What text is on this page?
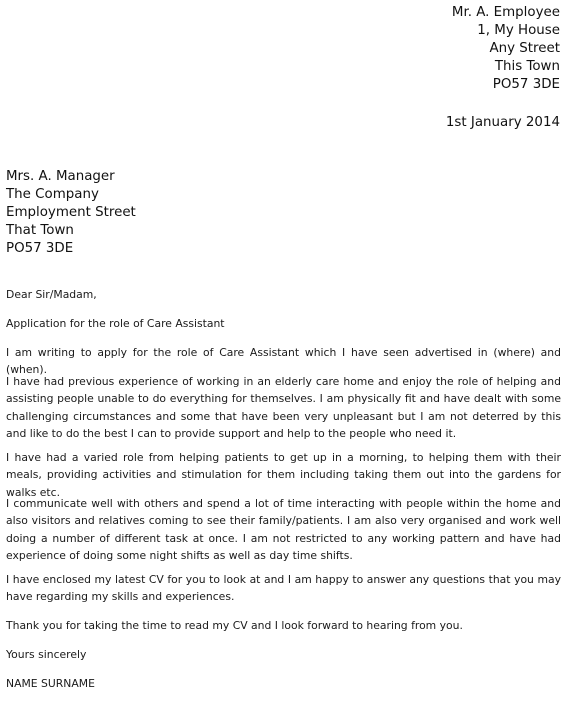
Mr. A. Employee
1, My House
Any Street
This Town
PO57 3DE
1st January 2014
Mrs. A. Manager
The Company
Employment Street
That Town
PO57 3DE

Dear Sir/Madam,

Application for the role of Care Assistant

I am writing to apply for the role of Care Assistant which I have seen advertised in (where) and (when).

I have had previous experience of working in an elderly care home and enjoy the role of helping and assisting people unable to do everything for themselves. I am physically fit and have dealt with some challenging circumstances and some that have been very unpleasant but I am not deterred by this and like to do the best I can to provide support and help to the people who need it.

I have had a varied role from helping patients to get up in a morning, to helping them with their meals, providing activities and stimulation for them including taking them out into the gardens for walks etc.

I communicate well with others and spend a lot of time interacting with people within the home and also visitors and relatives coming to see their family/patients. I am also very organised and work well doing a number of different task at once. I am not restricted to any working pattern and have had experience of doing some night shifts as well as day time shifts.

I have enclosed my latest CV for you to look at and I am happy to answer any questions that you may have regarding my skills and experiences.

Thank you for taking the time to read my CV and I look forward to hearing from you.

Yours sincerely

NAME SURNAME
